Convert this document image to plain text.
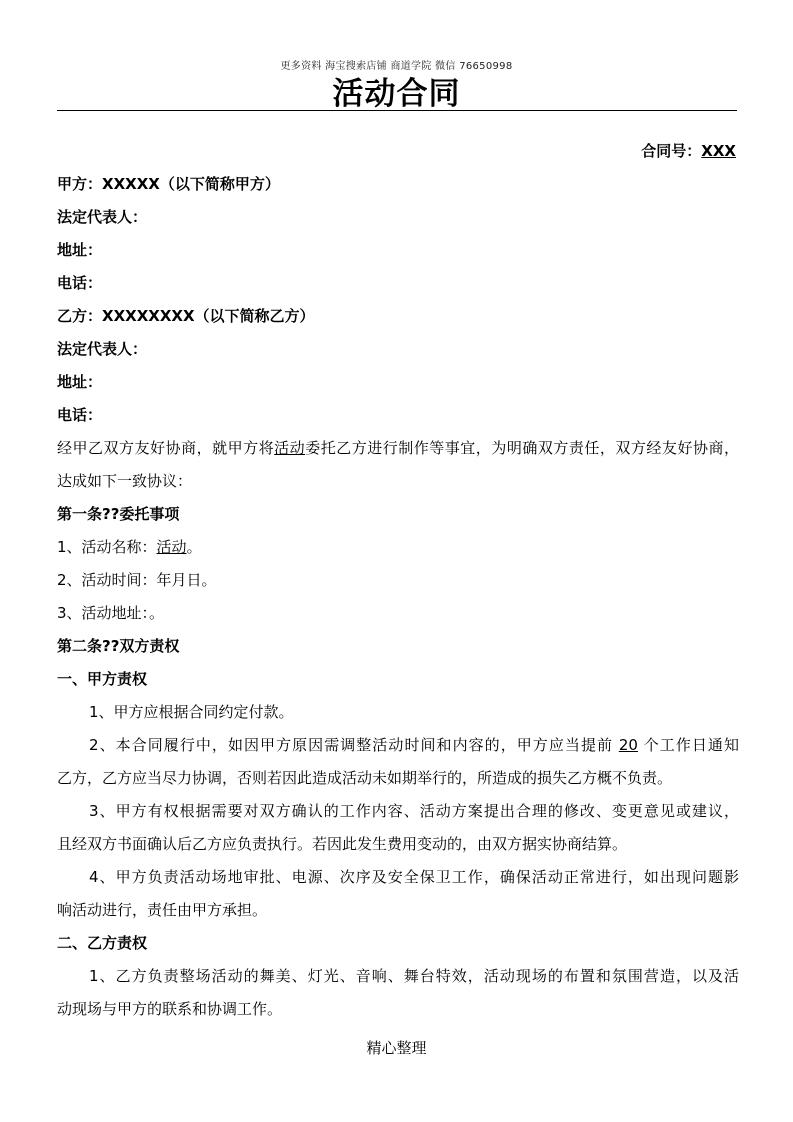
更多资料 海宝搜索店铺 商道学院 微信 76650998
活动合同
合同号：XXX

甲方：XXXXX（以下简称甲方）

法定代表人：

地址：

电话：

乙方：XXXXXXXX（以下简称乙方）

法定代表人：

地址：

电话：

经甲乙双方友好协商，就甲方将活动委托乙方进行制作等事宜，为明确双方责任，双方经友好协商，

达成如下一致协议：

第一条??委托事项

1、活动名称：活动。

2、活动时间：年月日。

3、活动地址：。

第二条??双方责权

一、甲方责权

1、甲方应根据合同约定付款。

2、本合同履行中，如因甲方原因需调整活动时间和内容的，甲方应当提前 20 个工作日通知

乙方，乙方应当尽力协调，否则若因此造成活动未如期举行的，所造成的损失乙方概不负责。

3、甲方有权根据需要对双方确认的工作内容、活动方案提出合理的修改、变更意见或建议，

且经双方书面确认后乙方应负责执行。若因此发生费用变动的，由双方据实协商结算。

4、甲方负责活动场地审批、电源、次序及安全保卫工作，确保活动正常进行，如出现问题影

响活动进行，责任由甲方承担。

二、乙方责权

1、乙方负责整场活动的舞美、灯光、音响、舞台特效，活动现场的布置和氛围营造，以及活

动现场与甲方的联系和协调工作。

精心整理
